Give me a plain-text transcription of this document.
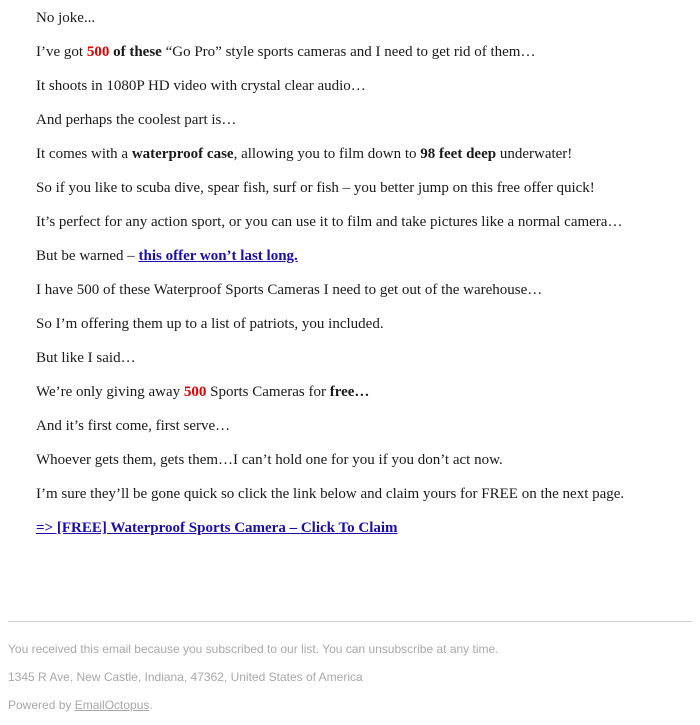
No joke...
I’ve got 500 of these “Go Pro” style sports cameras and I need to get rid of them…
It shoots in 1080P HD video with crystal clear audio…
And perhaps the coolest part is…
It comes with a waterproof case, allowing you to film down to 98 feet deep underwater!
So if you like to scuba dive, spear fish, surf or fish – you better jump on this free offer quick!
It’s perfect for any action sport, or you can use it to film and take pictures like a normal camera…
But be warned – this offer won’t last long.
I have 500 of these Waterproof Sports Cameras I need to get out of the warehouse…
So I’m offering them up to a list of patriots, you included.
But like I said…
We’re only giving away 500 Sports Cameras for free…
And it’s first come, first serve…
Whoever gets them, gets them…I can’t hold one for you if you don’t act now.
I’m sure they’ll be gone quick so click the link below and claim yours for FREE on the next page.
=> [FREE] Waterproof Sports Camera – Click To Claim
You received this email because you subscribed to our list. You can unsubscribe at any time.
1345 R Ave, New Castle, Indiana, 47362, United States of America
Powered by EmailOctopus.
